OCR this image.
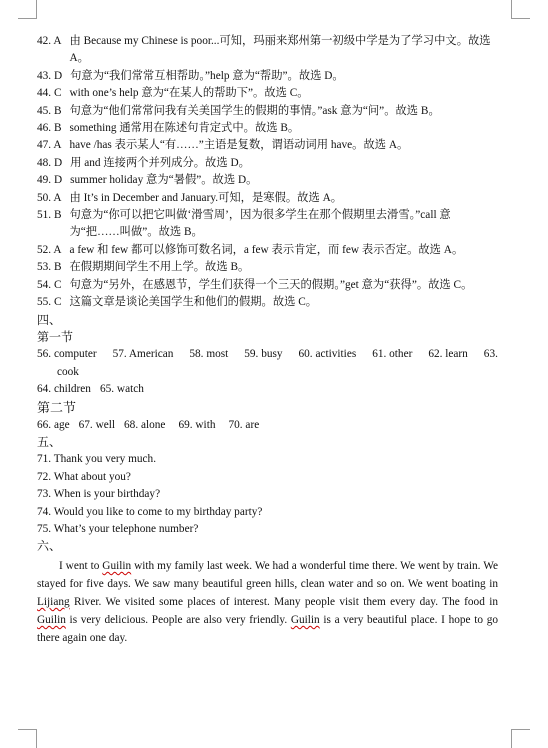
42. A 由 Because my Chinese is poor...可知，玛丽来郑州第一初级中学是为了学习中文。故选 A。
43. D 句意为“我们常常互相帮助。”help 意为“帮助”。故选 D。
44. C with one’s help 意为“在某人的帮助下”。故选 C。
45. B 句意为“他们常常问我有关美国学生的假期的事情。”ask 意为“问”。故选 B。
46. B something 通常用在陈述句肯定式中。故选 B。
47. A have /has 表示某人“有……”主语是复数，谓语动词用 have。故选 A。
48. D 用 and 连接两个并列成分。故选 D。
49. D summer holiday 意为“暑假”。故选 D。
50. A 由 It’s in December and January.可知，是寒假。故选 A。
51. B 句意为“你可以把它叫做‘滑雪周’，因为很多学生在那个假期里去滑雪。”call 意为“把……叫做”。故选 B。
52. A a few 和 few 都可以修饰可数名词，a few 表示肯定，而 few 表示否定。故选 A。
53. B 在假期期间学生不用上学。故选 B。
54. C 句意为“另外，在感恩节，学生们获得一个三天的假期。”get 意为“获得”。故选 C。
55. C 这篇文章是谈论美国学生和他们的假期。故选 C。
四、
第一节
56. computer 57. American 58. most 59. busy 60. activities 61. other 62. learn 63.
cook
64. children 65. watch
第二节
66. age 67. well 68. alone 69. with 70. are
五、
71. Thank you very much.
72. What about you?
73. When is your birthday?
74. Would you like to come to my birthday party?
75. What’s your telephone number?
六、
I went to Guilin with my family last week. We had a wonderful time there. We went by train. We stayed for five days. We saw many beautiful green hills, clean water and so on. We went boating in Lijiang River. We visited some places of interest. Many people visit them every day. The food in Guilin is very delicious. People are also very friendly. Guilin is a very beautiful place. I hope to go there again one day.
